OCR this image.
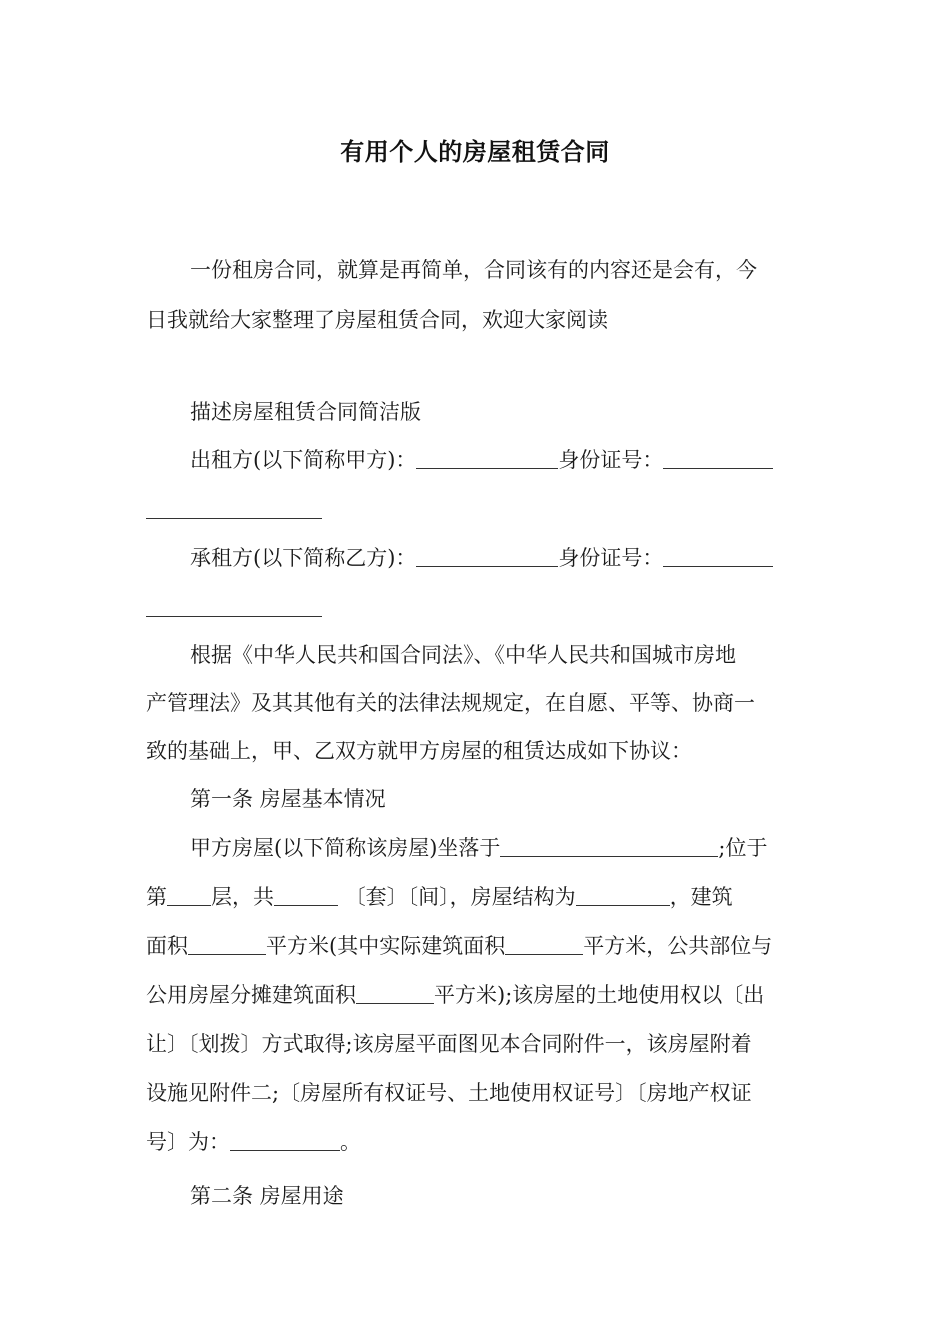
有用个人的房屋租赁合同
一份租房合同，就算是再简单，合同该有的内容还是会有，今
日我就给大家整理了房屋租赁合同，欢迎大家阅读
描述房屋租赁合同简洁版
出租方(以下简称甲方)：	身份证号：
承租方(以下简称乙方)：	身份证号：
根据《中华人民共和国合同法》、《中华人民共和国城市房地
产管理法》及其其他有关的法律法规规定，在自愿、平等、协商一
致的基础上，甲、乙双方就甲方房屋的租赁达成如下协议：
第一条 房屋基本情况
甲方房屋(以下简称该房屋)坐落于	;位于
第 层，共	〔套〕〔间〕，房屋结构为	，建筑
面积	平方米(其中实际建筑面积	平方米，公共部位与
公用房屋分摊建筑面积	平方米);该房屋的土地使用权以〔出
让〕〔划拨〕方式取得;该房屋平面图见本合同附件一，该房屋附着
设施见附件二;〔房屋所有权证号、土地使用权证号〕〔房地产权证
号〕为：	。
第二条 房屋用途
